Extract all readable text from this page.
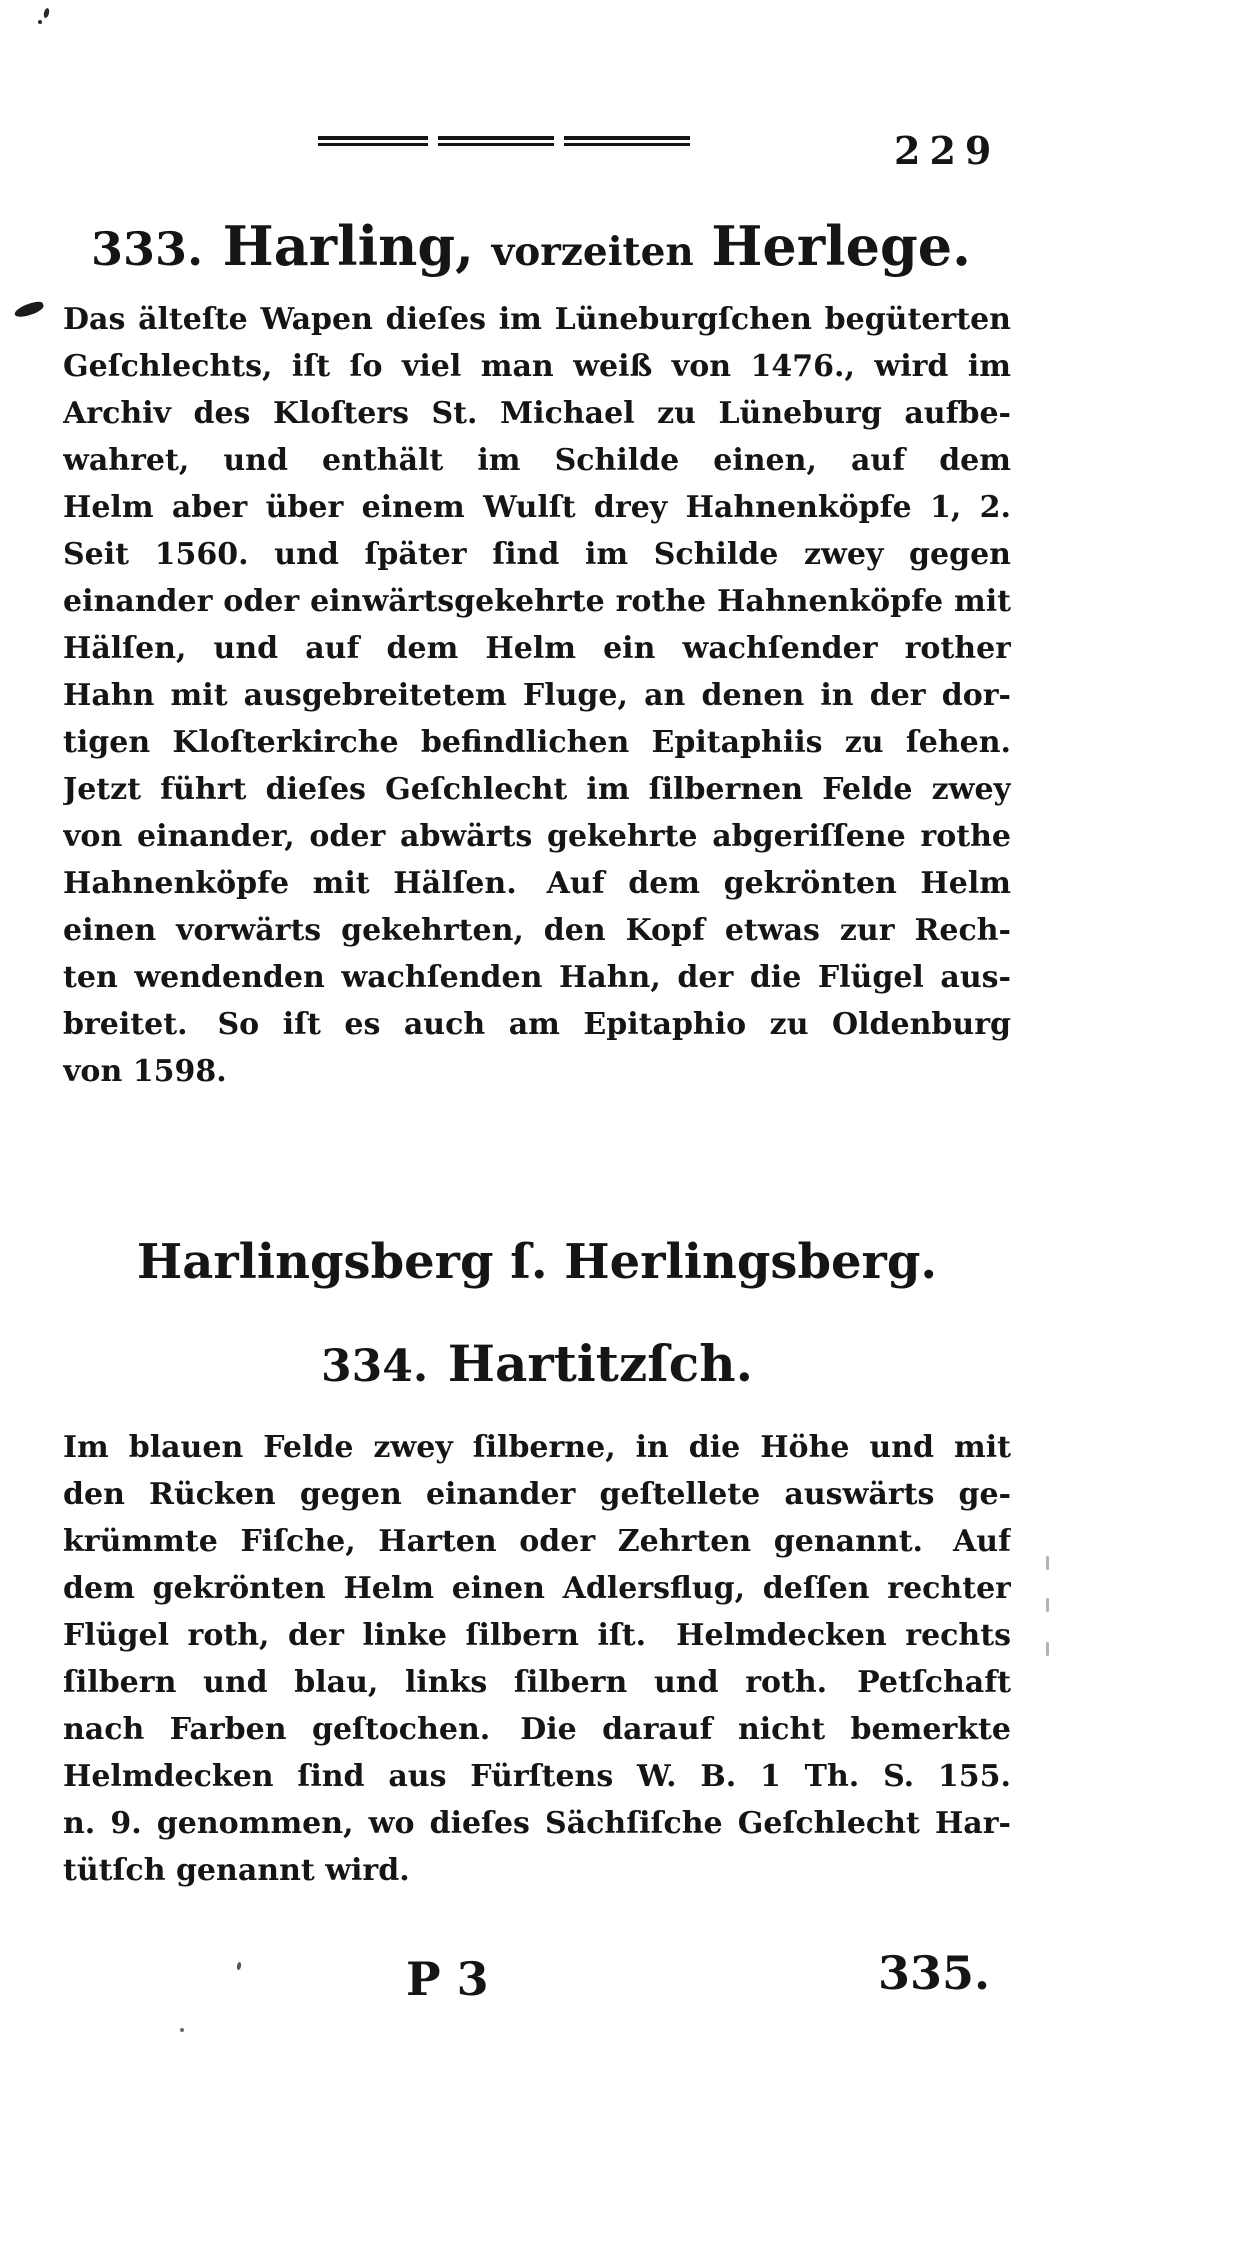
229
333. Harling, vorzeiten Herlege.
Das älteſte Wapen dieſes im Lüneburgſchen begüterten
Geſchlechts, iſt ſo viel man weiß von 1476., wird im
Archiv des Kloſters St. Michael zu Lüneburg aufbe-
wahret, und enthält im Schilde einen, auf dem
Helm aber über einem Wulſt drey Hahnenköpfe 1, 2.
Seit 1560. und ſpäter ſind im Schilde zwey gegen
einander oder einwärtsgekehrte rothe Hahnenköpfe mit
Hälſen, und auf dem Helm ein wachſender rother
Hahn mit ausgebreitetem Fluge, an denen in der dor-
tigen Kloſterkirche befindlichen Epitaphiis zu ſehen.
Jetzt führt dieſes Geſchlecht im ſilbernen Felde zwey
von einander, oder abwärts gekehrte abgeriſſene rothe
Hahnenköpfe mit Hälſen. Auf dem gekrönten Helm
einen vorwärts gekehrten, den Kopf etwas zur Rech-
ten wendenden wachſenden Hahn, der die Flügel aus-
breitet. So iſt es auch am Epitaphio zu Oldenburg
von 1598.
Harlingsberg ſ. Herlingsberg.
334. Hartitzſch.
Im blauen Felde zwey ſilberne, in die Höhe und mit
den Rücken gegen einander geſtellete auswärts ge-
krümmte Fiſche, Harten oder Zehrten genannt. Auf
dem gekrönten Helm einen Adlersflug, deſſen rechter
Flügel roth, der linke ſilbern iſt. Helmdecken rechts
ſilbern und blau, links ſilbern und roth. Petſchaft
nach Farben geſtochen. Die darauf nicht bemerkte
Helmdecken ſind aus Fürſtens W. B. 1 Th. S. 155.
n. 9. genommen, wo dieſes Sächſiſche Geſchlecht Har-
tütſch genannt wird.
P 3	335.
